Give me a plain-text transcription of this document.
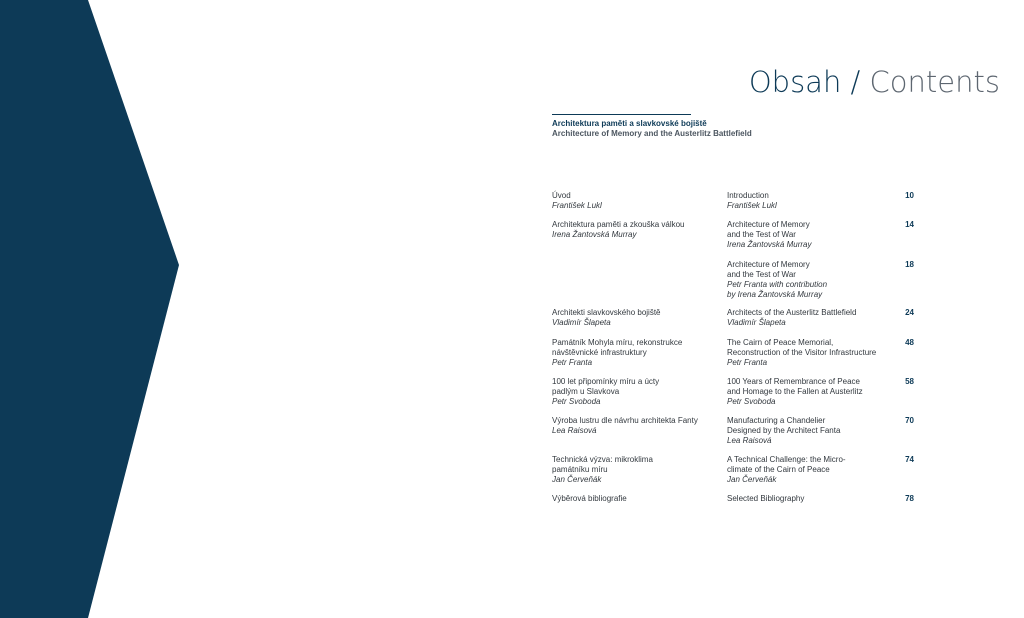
Obsah / Contents
Architektura paměti a slavkovské bojiště
Architecture of Memory and the Austerlitz Battlefield
Úvod
František Lukl
Introduction
František Lukl
10
Architektura paměti a zkouška válkou
Irena Žantovská Murray
Architecture of Memory
and the Test of War
Irena Žantovská Murray
14
Architecture of Memory
and the Test of War
Petr Franta with contribution
by Irena Žantovská Murray
18
Architekti slavkovského bojiště
Vladimír Šlapeta
Architects of the Austerlitz Battlefield
Vladimír Šlapeta
24
Památník Mohyla míru, rekonstrukce
návštěvnické infrastruktury
Petr Franta
The Cairn of Peace Memorial,
Reconstruction of the Visitor Infrastructure
Petr Franta
48
100 let připomínky míru a úcty
padlým u Slavkova
Petr Svoboda
100 Years of Remembrance of Peace
and Homage to the Fallen at Austerlitz
Petr Svoboda
58
Výroba lustru dle návrhu architekta Fanty
Lea Raisová
Manufacturing a Chandelier
Designed by the Architect Fanta
Lea Raisová
70
Technická výzva: mikroklima
památníku míru
Jan Červeňák
A Technical Challenge: the Micro-
climate of the Cairn of Peace
Jan Červeňák
74
Výběrová bibliografie	Selected Bibliography	78
